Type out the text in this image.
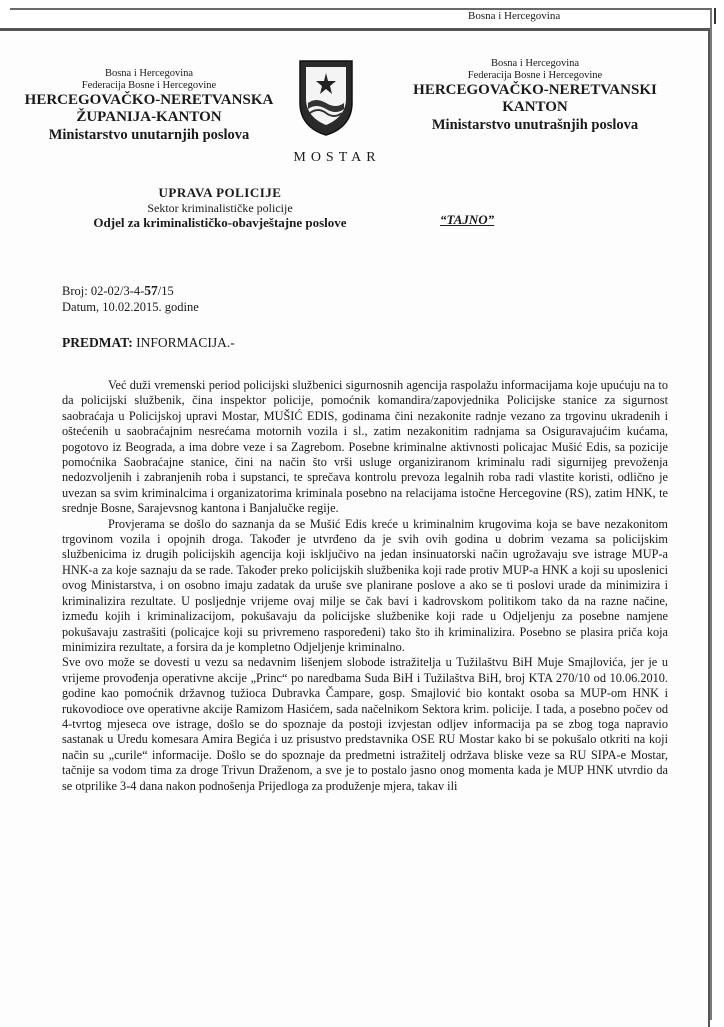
Bosna i Hercegovina
Bosna i Hercegovina
Federacija Bosne i Hercegovine
HERCEGOVAČKO-NERETVANSKA
ŽUPANIJA-KANTON
Ministarstvo unutarnjih poslova
MOSTAR
Bosna i Hercegovina
Federacija Bosne i Hercegovine
HERCEGOVAČKO-NERETVANSKI
KANTON
Ministarstvo unutrašnjih poslova
UPRAVA POLICIJE
Sektor kriminalističke policije
Odjel za kriminalističko-obavještajne poslove	“TAJNO”
Broj: 02-02/3-4-57/15
Datum, 10.02.2015. godine
PREDMAT: INFORMACIJA.-

Već duži vremenski period policijski službenici sigurnosnih agencija raspolažu informacijama koje upućuju na to da policijski službenik, čina inspektor policije, pomoćnik komandira/zapovjednika Policijske stanice za sigurnost saobraćaja u Policijskoj upravi Mostar, MUŠIĆ EDIS, godinama čini nezakonite radnje vezano za trgovinu ukradenih i oštećenih u saobraćajnim nesrećama motornih vozila i sl., zatim nezakonitim radnjama sa Osiguravajućim kućama, pogotovo iz Beograda, a ima dobre veze i sa Zagrebom. Posebne kriminalne aktivnosti policajac Mušić Edis, sa pozicije pomoćnika Saobraćajne stanice, čini na način što vrši usluge organiziranom kriminalu radi sigurnijeg prevoženja nedozvoljenih i zabranjenih roba i supstanci, te sprečava kontrolu prevoza legalnih roba radi vlastite koristi, odlično je uvezan sa svim kriminalcima i organizatorima kriminala posebno na relacijama istočne Hercegovine (RS), zatim HNK, te srednje Bosne, Sarajevsnog kantona i Banjalučke regije.

Provjerama se došlo do saznanja da se Mušić Edis kreće u kriminalnim krugovima koja se bave nezakonitom trgovinom vozila i opojnih droga. Također je utvrđeno da je svih ovih godina u dobrim vezama sa policijskim službenicima iz drugih policijskih agencija koji isključivo na jedan insinuatorski način ugrožavaju sve istrage MUP-a HNK-a za koje saznaju da se rade. Također preko policijskih službenika koji rade protiv MUP-a HNK a koji su uposlenici ovog Ministarstva, i on osobno imaju zadatak da uruše sve planirane poslove a ako se ti poslovi urade da minimizira i kriminalizira rezultate. U posljednje vrijeme ovaj milje se čak bavi i kadrovskom politikom tako da na razne načine, između kojih i kriminalizacijom, pokušavaju da policijske službenike koji rade u Odjeljenju za posebne namjene pokušavaju zastrašiti (policajce koji su privremeno raspoređeni) tako što ih kriminalizira. Posebno se plasira priča koja minimizira rezultate, a forsira da je kompletno Odjeljenje kriminalno.

Sve ovo može se dovesti u vezu sa nedavnim lišenjem slobode istražitelja u Tužilaštvu BiH Muje Smajlovića, jer je u vrijeme provođenja operativne akcije „Princ“ po naredbama Suda BiH i Tužilaštva BiH, broj KTA 270/10 od 10.06.2010. godine kao pomoćnik državnog tužioca Dubravka Čampare, gosp. Smajlović bio kontakt osoba sa MUP-om HNK i rukovodioce ove operativne akcije Ramizom Hasićem, sada načelnikom Sektora krim. policije. I tada, a posebno počev od 4-tvrtog mjeseca ove istrage, došlo se do spoznaje da postoji izvjestan odljev informacija pa se zbog toga napravio sastanak u Uredu komesara Amira Begića i uz prisustvo predstavnika OSE RU Mostar kako bi se pokušalo otkriti na koji način su „curile“ informacije. Došlo se do spoznaje da predmetni istražitelj održava bliske veze sa RU SIPA-e Mostar, tačnije sa vodom tima za droge Trivun Draženom, a sve je to postalo jasno onog momenta kada je MUP HNK utvrdio da se otprilike 3-4 dana nakon podnošenja Prijedloga za produženje mjera, takav ili
